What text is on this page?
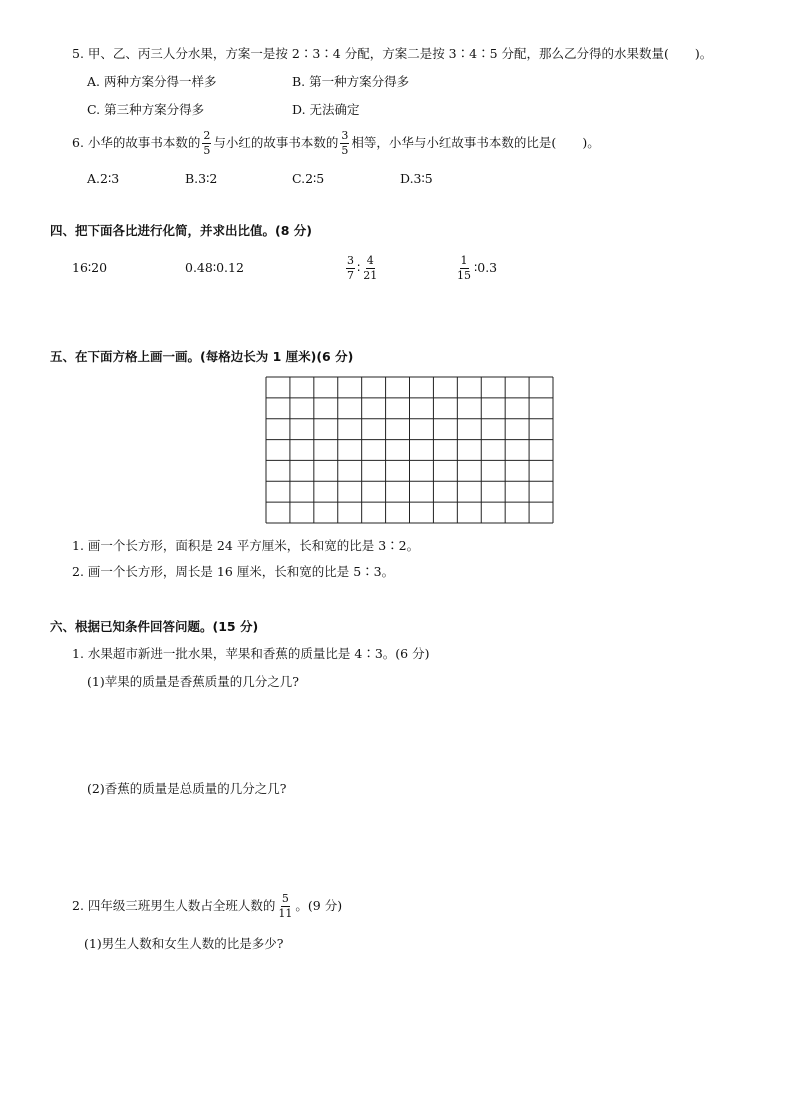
5. 甲、乙、丙三人分水果，方案一是按 2∶3∶4 分配，方案二是按 3∶4∶5 分配，那么乙分得的水果数量( )。
A. 两种方案分得一样多	B. 第一种方案分得多
C. 第三种方案分得多	D. 无法确定
6. 小华的故事书本数的 $\frac{2}{5}$ 与小红的故事书本数的 $\frac{3}{5}$ 相等，小华与小红故事书本数的比是( )。
A.2∶3	B.3∶2	C.2∶5	D.3∶5
四、把下面各比进行化简，并求出比值。(8 分)
16∶20	0.48∶0.12	$\frac{3}{7}$ ∶ $\frac{4}{21}$	$\frac{1}{15}$ ∶0.3
五、在下面方格上画一画。(每格边长为 1 厘米)(6 分)
1. 画一个长方形，面积是 24 平方厘米，长和宽的比是 3∶2。
2. 画一个长方形，周长是 16 厘米，长和宽的比是 5∶3。
六、根据已知条件回答问题。(15 分)
1. 水果超市新进一批水果，苹果和香蕉的质量比是 4∶3。(6 分)
(1)苹果的质量是香蕉质量的几分之几?
(2)香蕉的质量是总质量的几分之几?
2. 四年级三班男生人数占全班人数的 $\frac{5}{11}$ 。(9 分)
(1)男生人数和女生人数的比是多少?
